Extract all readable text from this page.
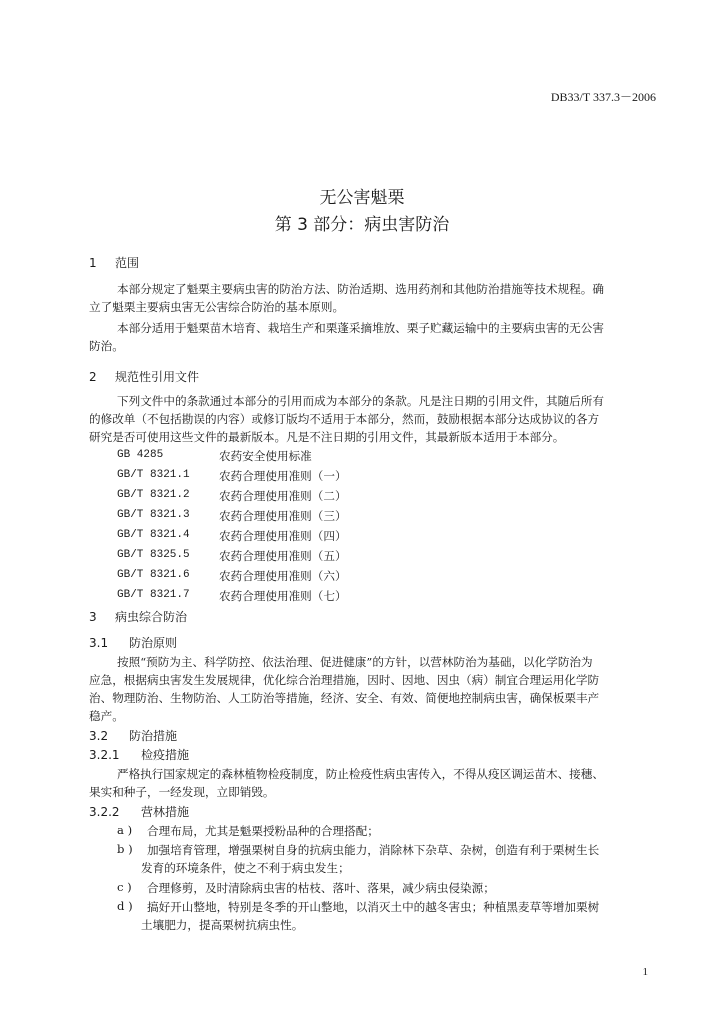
DB33/T 337.3－2006

无公害魁栗

第 3 部分：病虫害防治

1 范围

本部分规定了魁栗主要病虫害的防治方法、防治适期、选用药剂和其他防治措施等技术规程。确

立了魁栗主要病虫害无公害综合防治的基本原则。

本部分适用于魁栗苗木培育、栽培生产和栗蓬采摘堆放、栗子贮藏运输中的主要病虫害的无公害

防治。

2 规范性引用文件

下列文件中的条款通过本部分的引用而成为本部分的条款。凡是注日期的引用文件，其随后所有

的修改单（不包括勘误的内容）或修订版均不适用于本部分，然而，鼓励根据本部分达成协议的各方

研究是否可使用这些文件的最新版本。凡是不注日期的引用文件，其最新版本适用于本部分。

GB 4285	农药安全使用标准

GB/T 8321.1	农药合理使用准则（一）

GB/T 8321.2	农药合理使用准则（二）

GB/T 8321.3	农药合理使用准则（三）

GB/T 8321.4	农药合理使用准则（四）

GB/T 8325.5	农药合理使用准则（五）

GB/T 8321.6	农药合理使用准则（六）

GB/T 8321.7	农药合理使用准则（七）

3 病虫综合防治

3.1 防治原则

按照“预防为主、科学防控、依法治理、促进健康”的方针，以营林防治为基础，以化学防治为

应急，根据病虫害发生发展规律，优化综合治理措施，因时、因地、因虫（病）制宜合理运用化学防

治、物理防治、生物防治、人工防治等措施，经济、安全、有效、简便地控制病虫害，确保板栗丰产

稳产。

3.2 防治措施

3.2.1 检疫措施

严格执行国家规定的森林植物检疫制度，防止检疫性病虫害传入，不得从疫区调运苗木、接穗、

果实和种子，一经发现，立即销毁。

3.2.2 营林措施

a ) 合理布局，尤其是魁栗授粉品种的合理搭配；

b ) 加强培育管理，增强栗树自身的抗病虫能力，消除林下杂草、杂树，创造有利于栗树生长

发育的环境条件，使之不利于病虫发生；

c ) 合理修剪，及时清除病虫害的枯枝、落叶、落果，减少病虫侵染源；

d ) 搞好开山整地，特别是冬季的开山整地，以消灭土中的越冬害虫；种植黑麦草等增加栗树

土壤肥力，提高栗树抗病虫性。

1
